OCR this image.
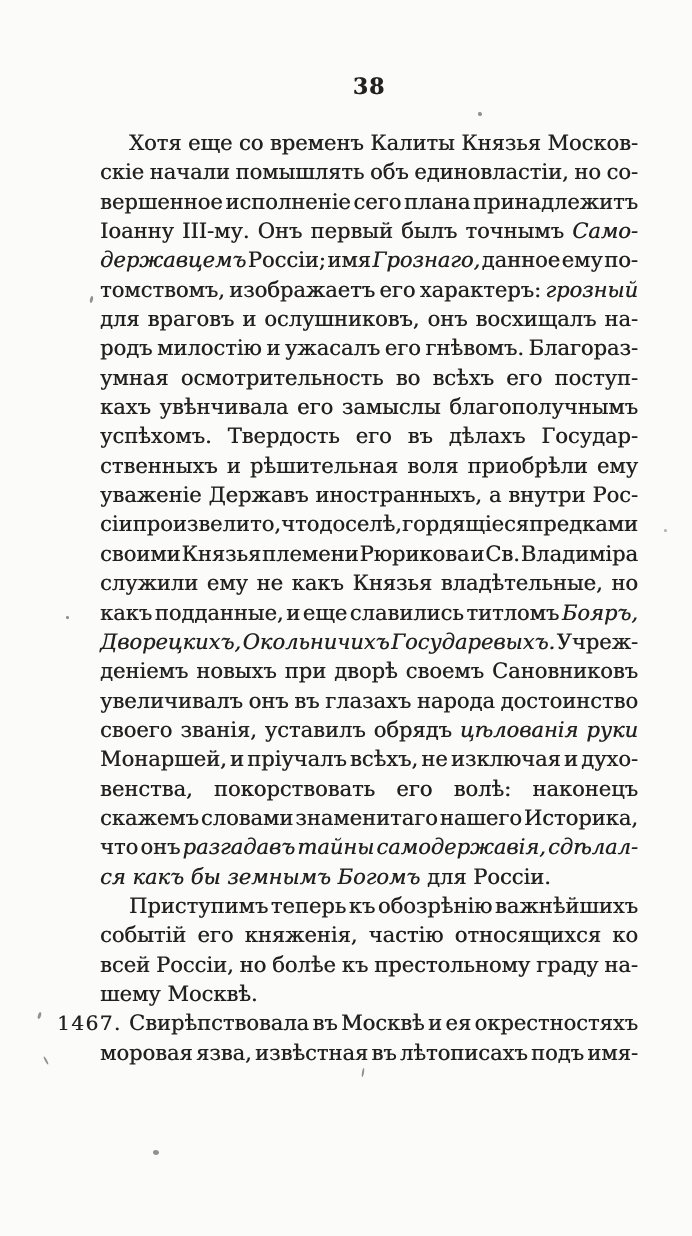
38
1467.
Хотя еще со временъ Калиты Князья Москов-
скіе начали помышлять объ единовластіи, но со-
вершенное исполненіе сего плана принадлежитъ
Іоанну III-му. Онъ первый былъ точнымъ Само-
державцемъ Россіи; имя Грознаго, данное ему по-
томствомъ, изображаетъ его характеръ: грозный
для враговъ и ослушниковъ, онъ восхищалъ на-
родъ милостію и ужасалъ его гнѣвомъ. Благораз-
умная осмотрительность во всѣхъ его поступ-
кахъ увѣнчивала его замыслы благополучнымъ
успѣхомъ. Твердость его въ дѣлахъ Государ-
ственныхъ и рѣшительная воля приобрѣли ему
уваженіе Державъ иностранныхъ, а внутри Рос-
сіи произвели то, что доселѣ, гордящіеся предками
своими Князья племени Рюрикова и Св. Владиміра
служили ему не какъ Князья владѣтельные, но
какъ подданные, и еще славились титломъ Бояръ,
Дворецкихъ, Окольничихъ Государевыхъ. Учреж-
деніемъ новыхъ при дворѣ своемъ Сановниковъ
увеличивалъ онъ въ глазахъ народа достоинство
своего званія, уставилъ обрядъ цѣлованія руки
Монаршей, и пріучалъ всѣхъ, не изключая и духо-
венства, покорствовать его волѣ: наконецъ
скажемъ словами знаменитаго нашего Историка,
что онъ разгадавъ тайны самодержавія, сдѣлал-
ся какъ бы земнымъ Богомъ для Россіи.
Приступимъ теперь къ обозрѣнію важнѣйшихъ
событій его княженія, частію относящихся ко
всей Россіи, но болѣе къ престольному граду на-
шему Москвѣ.
Свирѣпствовала въ Москвѣ и ея окрестностяхъ
моровая язва, извѣстная въ лѣтописахъ подъ имя-
